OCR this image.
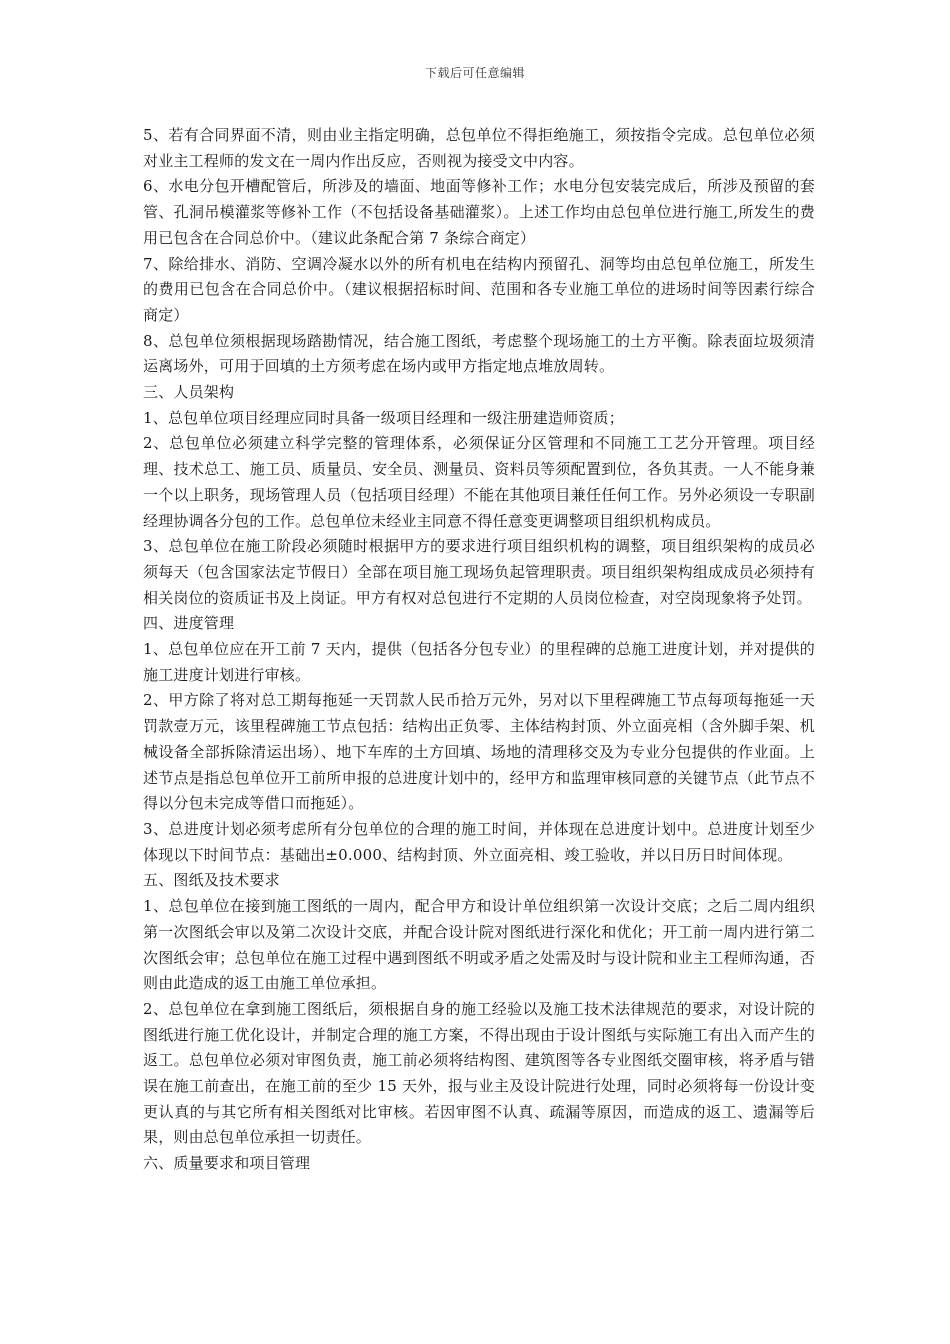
下载后可任意编辑

5、若有合同界面不清，则由业主指定明确，总包单位不得拒绝施工，须按指令完成。总包单位必须对业主工程师的发文在一周内作出反应，否则视为接受文中内容。

6、水电分包开槽配管后，所涉及的墙面、地面等修补工作；水电分包安装完成后，所涉及预留的套管、孔洞吊模灌浆等修补工作（不包括设备基础灌浆）。上述工作均由总包单位进行施工,所发生的费用已包含在合同总价中。（建议此条配合第 7 条综合商定）

7、除给排水、消防、空调冷凝水以外的所有机电在结构内预留孔、洞等均由总包单位施工，所发生的费用已包含在合同总价中。（建议根据招标时间、范围和各专业施工单位的进场时间等因素行综合商定）

8、总包单位须根据现场踏勘情况，结合施工图纸，考虑整个现场施工的土方平衡。除表面垃圾须清运离场外，可用于回填的土方须考虑在场内或甲方指定地点堆放周转。

三、人员架构

1、总包单位项目经理应同时具备一级项目经理和一级注册建造师资质；

2、总包单位必须建立科学完整的管理体系，必须保证分区管理和不同施工工艺分开管理。项目经理、技术总工、施工员、质量员、安全员、测量员、资料员等须配置到位，各负其责。一人不能身兼一个以上职务，现场管理人员（包括项目经理）不能在其他项目兼任任何工作。另外必须设一专职副经理协调各分包的工作。总包单位未经业主同意不得任意变更调整项目组织机构成员。

3、总包单位在施工阶段必须随时根据甲方的要求进行项目组织机构的调整，项目组织架构的成员必须每天（包含国家法定节假日）全部在项目施工现场负起管理职责。项目组织架构组成成员必须持有相关岗位的资质证书及上岗证。甲方有权对总包进行不定期的人员岗位检查，对空岗现象将予处罚。

四、进度管理

1、总包单位应在开工前 7 天内，提供（包括各分包专业）的里程碑的总施工进度计划，并对提供的施工进度计划进行审核。

2、甲方除了将对总工期每拖延一天罚款人民币拾万元外，另对以下里程碑施工节点每项每拖延一天罚款壹万元，该里程碑施工节点包括：结构出正负零、主体结构封顶、外立面亮相（含外脚手架、机械设备全部拆除清运出场）、地下车库的土方回填、场地的清理移交及为专业分包提供的作业面。上述节点是指总包单位开工前所申报的总进度计划中的，经甲方和监理审核同意的关键节点（此节点不得以分包未完成等借口而拖延）。

3、总进度计划必须考虑所有分包单位的合理的施工时间，并体现在总进度计划中。总进度计划至少体现以下时间节点：基础出±0.000、结构封顶、外立面亮相、竣工验收，并以日历日时间体现。

五、图纸及技术要求

1、总包单位在接到施工图纸的一周内，配合甲方和设计单位组织第一次设计交底；之后二周内组织第一次图纸会审以及第二次设计交底，并配合设计院对图纸进行深化和优化；开工前一周内进行第二次图纸会审；总包单位在施工过程中遇到图纸不明或矛盾之处需及时与设计院和业主工程师沟通，否则由此造成的返工由施工单位承担。

2、总包单位在拿到施工图纸后，须根据自身的施工经验以及施工技术法律规范的要求，对设计院的图纸进行施工优化设计，并制定合理的施工方案，不得出现由于设计图纸与实际施工有出入而产生的返工。总包单位必须对审图负责，施工前必须将结构图、建筑图等各专业图纸交圈审核，将矛盾与错误在施工前查出，在施工前的至少 15 天外，报与业主及设计院进行处理，同时必须将每一份设计变更认真的与其它所有相关图纸对比审核。若因审图不认真、疏漏等原因，而造成的返工、遗漏等后果，则由总包单位承担一切责任。

六、质量要求和项目管理
